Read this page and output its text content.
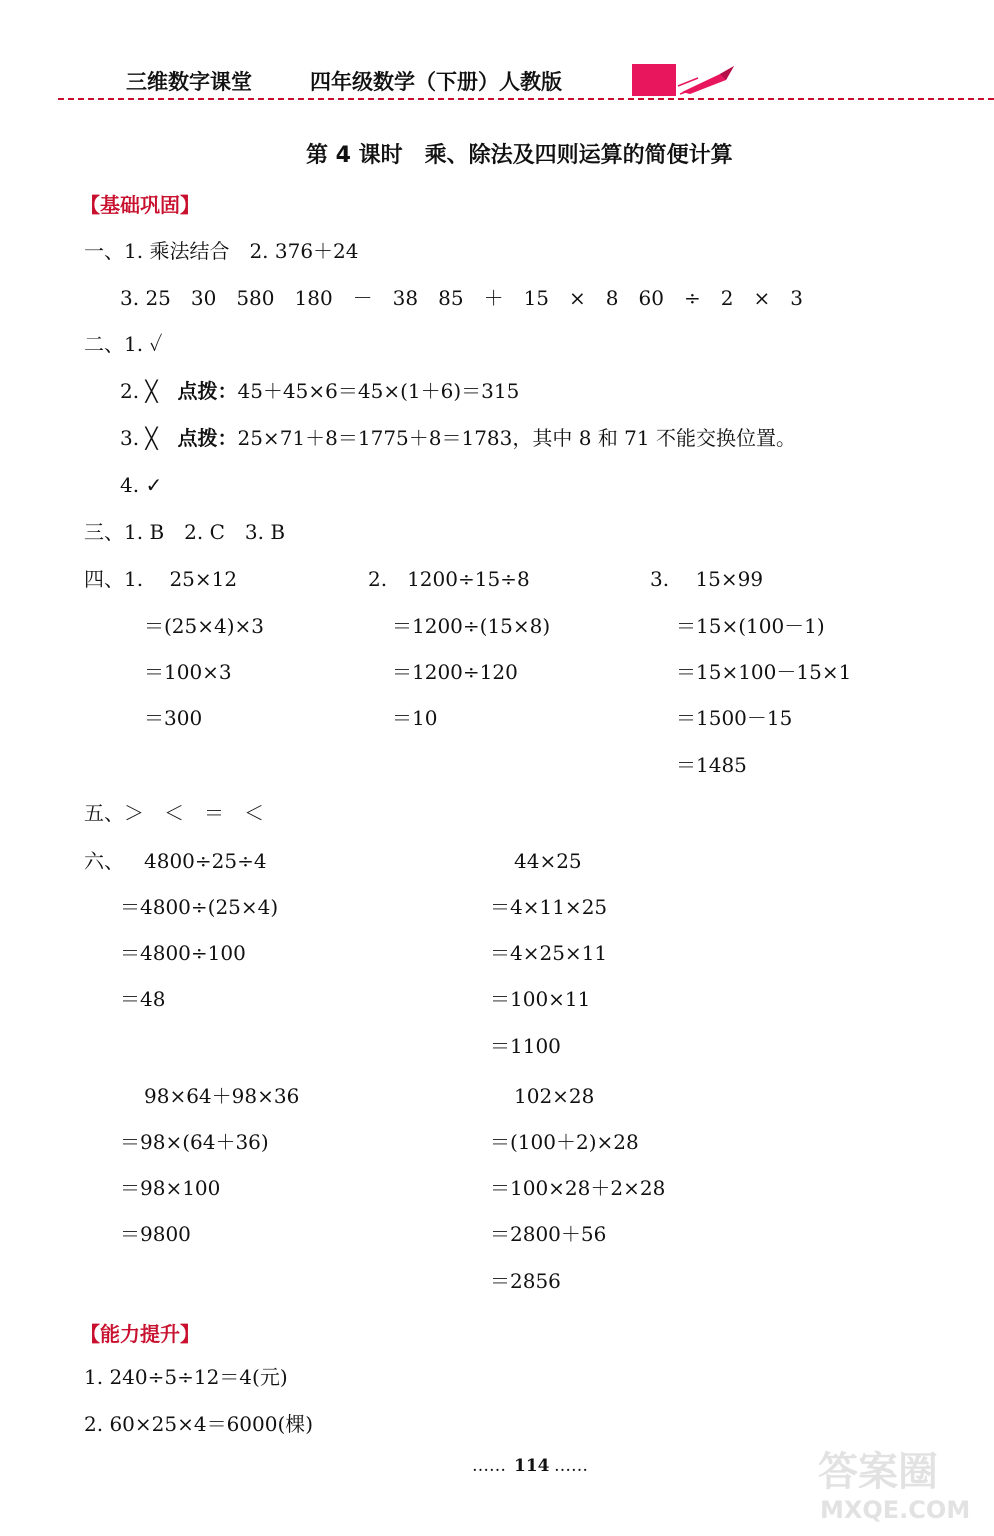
三维数字课堂	四年级数学（下册）人教版
第 4 课时　乘、除法及四则运算的简便计算
【基础巩固】
一、1. 乘法结合　2. 376＋24
3. 25　30　580　180　－　38　85　＋　15　×　8　60　÷　2　×　3
二、1. ✓
2. ╳　 点拨：45＋45×6＝45×(1＋6)＝315
3. ╳　 点拨：25×71＋8＝1775＋8＝1783，其中 8 和 71 不能交换位置。
4. ✓
三、1. B　2. C　3. B
四、1.　 25×12
＝(25×4)×3
＝100×3
＝300
2.　1200÷15÷8
＝1200÷(15×8)
＝1200÷120
＝10
3.　 15×99
＝15×(100－1)
＝15×100－15×1
＝1500－15
＝1485
五、＞　＜　＝　＜
六、 4800÷25÷4
＝4800÷(25×4)
＝4800÷100
＝48
44×25
＝4×11×25
＝4×25×11
＝100×11
＝1100
98×64＋98×36
＝98×(64＋36)
＝98×100
＝9800
102×28
＝(100＋2)×28
＝100×28＋2×28
＝2800＋56
＝2856
【能力提升】
1. 240÷5÷12＝4(元)
2. 60×25×4＝6000(棵)
…… 114 ……	答案圈
MXQE.COM
